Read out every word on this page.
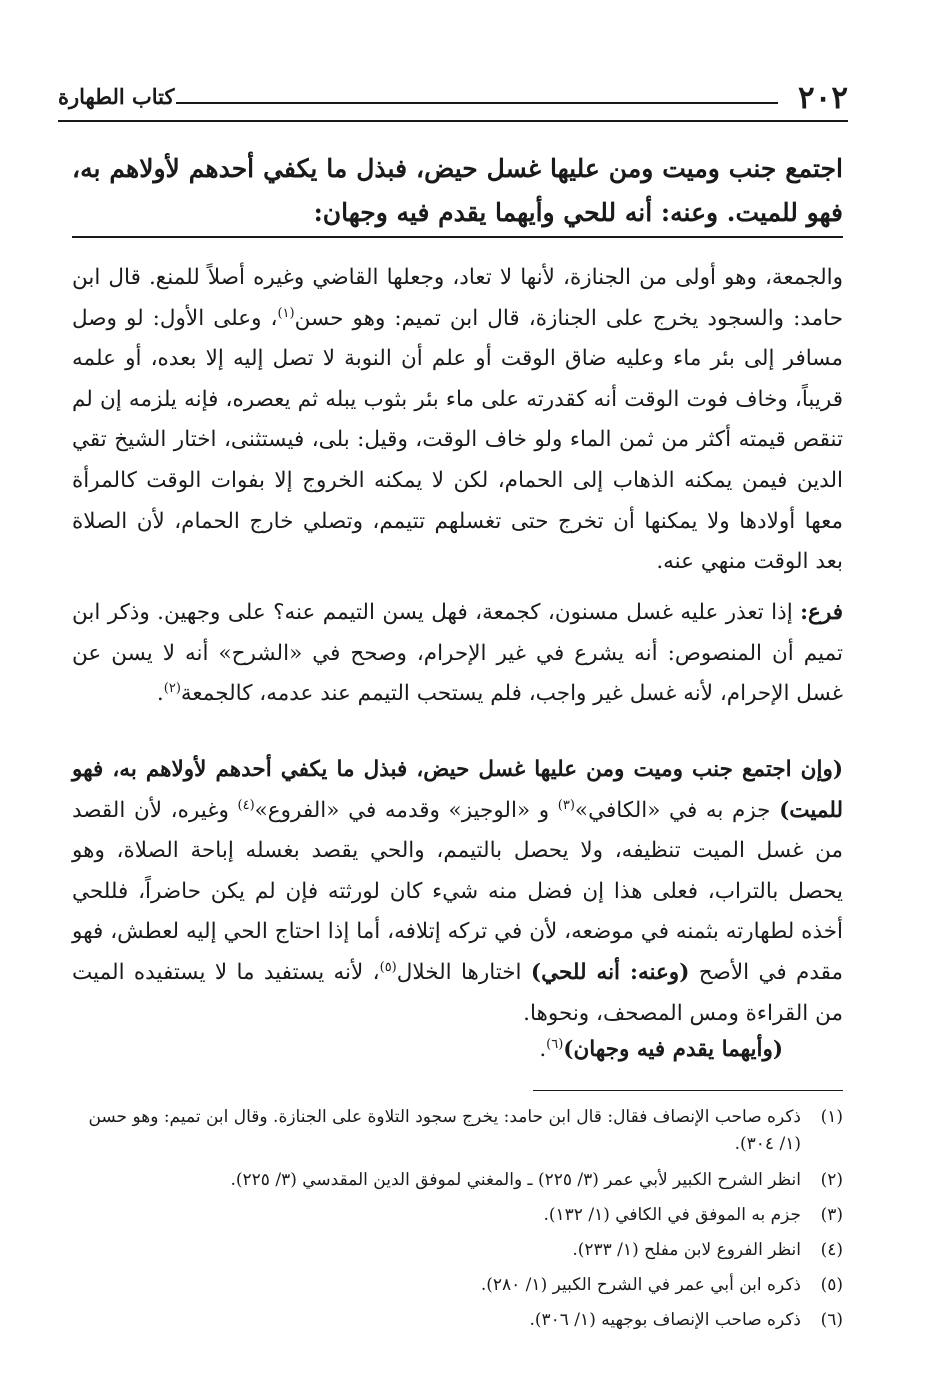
٢٠٢
كتاب الطهارة
اجتمع جنب وميت ومن عليها غسل حيض، فبذل ما يكفي أحدهم لأولاهم به، فهو للميت. وعنه: أنه للحي وأيهما يقدم فيه وجهان:

والجمعة، وهو أولى من الجنازة، لأنها لا تعاد، وجعلها القاضي وغيره أصلاً للمنع. قال ابن حامد: والسجود يخرج على الجنازة، قال ابن تميم: وهو حسن$^{(١)}$، وعلى الأول: لو وصل مسافر إلى بئر ماء وعليه ضاق الوقت أو علم أن النوبة لا تصل إليه إلا بعده، أو علمه قريباً، وخاف فوت الوقت أنه كقدرته على ماء بئر بثوب يبله ثم يعصره، فإنه يلزمه إن لم تنقص قيمته أكثر من ثمن الماء ولو خاف الوقت، وقيل: بلى، فيستثنى، اختار الشيخ تقي الدين فيمن يمكنه الذهاب إلى الحمام، لكن لا يمكنه الخروج إلا بفوات الوقت كالمرأة معها أولادها ولا يمكنها أن تخرج حتى تغسلهم تتيمم، وتصلي خارج الحمام، لأن الصلاة بعد الوقت منهي عنه.

فرع: إذا تعذر عليه غسل مسنون، كجمعة، فهل يسن التيمم عنه؟ على وجهين. وذكر ابن تميم أن المنصوص: أنه يشرع في غير الإحرام، وصحح في «الشرح» أنه لا يسن عن غسل الإحرام، لأنه غسل غير واجب، فلم يستحب التيمم عند عدمه، كالجمعة$^{(٢)}$.

(وإن اجتمع جنب وميت ومن عليها غسل حيض، فبذل ما يكفي أحدهم لأولاهم به، فهو للميت) جزم به في «الكافي»$^{(٣)}$ و «الوجيز» وقدمه في «الفروع»$^{(٤)}$ وغيره، لأن القصد من غسل الميت تنظيفه، ولا يحصل بالتيمم، والحي يقصد بغسله إباحة الصلاة، وهو يحصل بالتراب، فعلى هذا إن فضل منه شيء كان لورثته فإن لم يكن حاضراً، فللحي أخذه لطهارته بثمنه في موضعه، لأن في تركه إتلافه، أما إذا احتاج الحي إليه لعطش، فهو مقدم في الأصح (وعنه: أنه للحي) اختارها الخلال$^{(٥)}$، لأنه يستفيد ما لا يستفيده الميت من القراءة ومس المصحف، ونحوها.

(وأيهما يقدم فيه وجهان)$^{(٦)}$.

(١)
ذكره صاحب الإنصاف فقال: قال ابن حامد: يخرج سجود التلاوة على الجنازة. وقال ابن تميم: وهو حسن (١/ ٣٠٤).
(٢)
انظر الشرح الكبير لأبي عمر (٣/ ٢٢٥) ـ والمغني لموفق الدين المقدسي (٣/ ٢٢٥).
(٣)
جزم به الموفق في الكافي (١/ ١٣٢).
(٤)
انظر الفروع لابن مفلح (١/ ٢٣٣).
(٥)
ذكره ابن أبي عمر في الشرح الكبير (١/ ٢٨٠).
(٦)
ذكره صاحب الإنصاف بوجهيه (١/ ٣٠٦).
